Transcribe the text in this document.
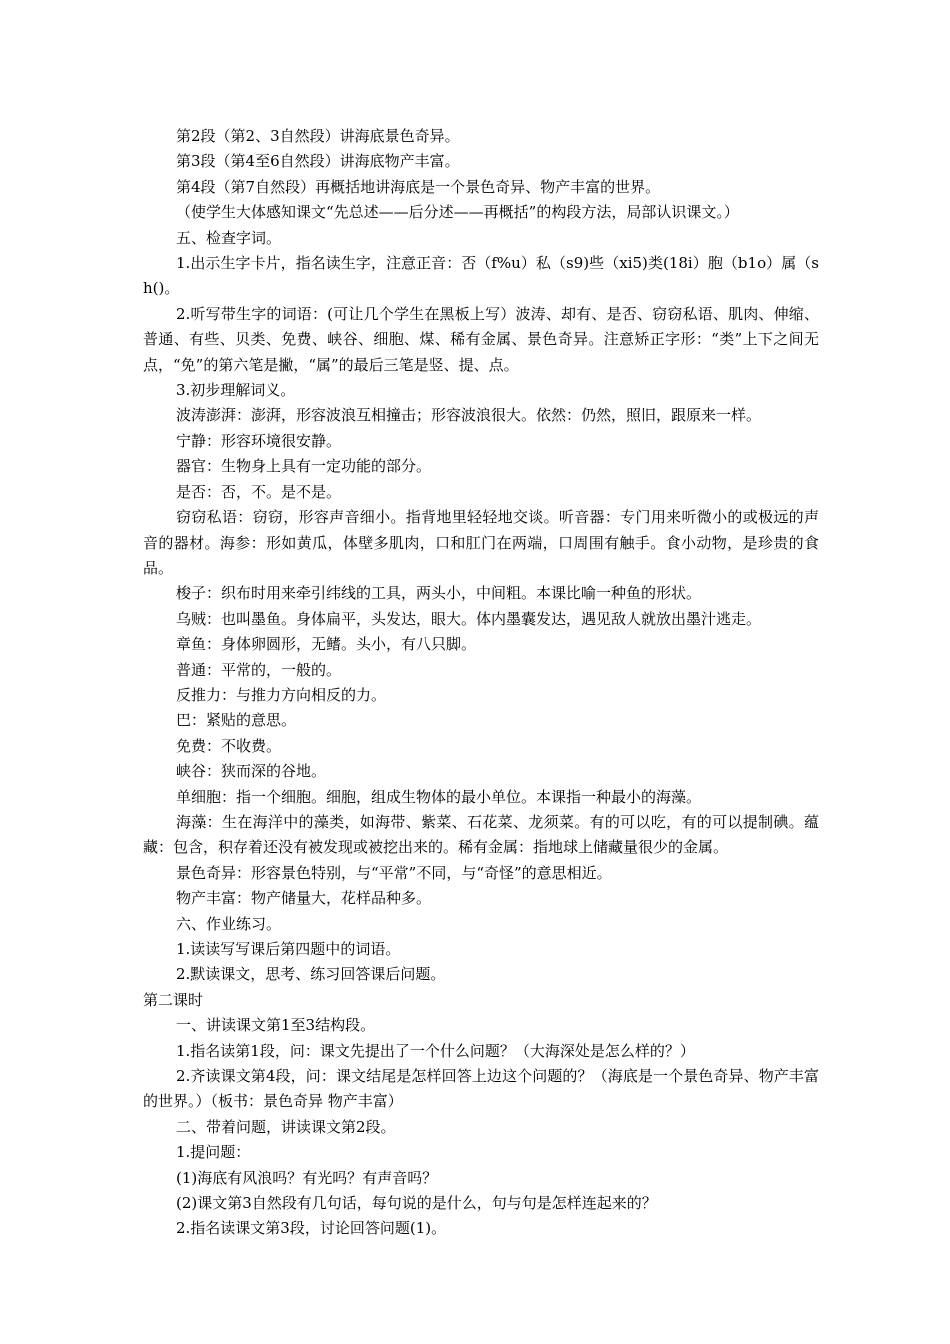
第2段（第2、3自然段）讲海底景色奇异。

第3段（第4至6自然段）讲海底物产丰富。

第4段（第7自然段）再概括地讲海底是一个景色奇异、物产丰富的世界。

（使学生大体感知课文“先总述——后分述——再概括”的构段方法，局部认识课文。）

五、检查字词。

1.出示生字卡片，指名读生字，注意正音：否（f%u）私（s9)些（xi5)类(18i）胞（b1o）属（sh()。

2.听写带生字的词语：(可让几个学生在黑板上写）波涛、却有、是否、窃窃私语、肌肉、伸缩、普通、有些、贝类、免费、峡谷、细胞、煤、稀有金属、景色奇异。注意矫正字形：“类”上下之间无点，“免”的第六笔是撇，“属”的最后三笔是竖、提、点。

3.初步理解词义。

波涛澎湃：澎湃，形容波浪互相撞击；形容波浪很大。依然：仍然，照旧，跟原来一样。

宁静：形容环境很安静。

器官：生物身上具有一定功能的部分。

是否：否，不。是不是。

窃窃私语：窃窃，形容声音细小。指背地里轻轻地交谈。听音器：专门用来听微小的或极远的声音的器材。海参：形如黄瓜，体壁多肌肉，口和肛门在两端，口周围有触手。食小动物，是珍贵的食品。

梭子：织布时用来牵引纬线的工具，两头小，中间粗。本课比喻一种鱼的形状。

乌贼：也叫墨鱼。身体扁平，头发达，眼大。体内墨囊发达，遇见敌人就放出墨汁逃走。

章鱼：身体卵圆形，无鳍。头小，有八只脚。

普通：平常的，一般的。

反推力：与推力方向相反的力。

巴：紧贴的意思。

免费：不收费。

峡谷：狭而深的谷地。

单细胞：指一个细胞。细胞，组成生物体的最小单位。本课指一种最小的海藻。

海藻：生在海洋中的藻类，如海带、紫菜、石花菜、龙须菜。有的可以吃，有的可以提制碘。蕴藏：包含，积存着还没有被发现或被挖出来的。稀有金属：指地球上储藏量很少的金属。

景色奇异：形容景色特别，与“平常”不同，与“奇怪”的意思相近。

物产丰富：物产储量大，花样品种多。

六、作业练习。

1.读读写写课后第四题中的词语。

2.默读课文，思考、练习回答课后问题。

第二课时

一、讲读课文第1至3结构段。

1.指名读第1段，问：课文先提出了一个什么问题？（大海深处是怎么样的？）

2.齐读课文第4段，问：课文结尾是怎样回答上边这个问题的？（海底是一个景色奇异、物产丰富的世界。）（板书：景色奇异 物产丰富）

二、带着问题，讲读课文第2段。

1.提问题：

(1)海底有风浪吗？有光吗？有声音吗？

(2)课文第3自然段有几句话，每句说的是什么，句与句是怎样连起来的？

2.指名读课文第3段，讨论回答问题(1)。
